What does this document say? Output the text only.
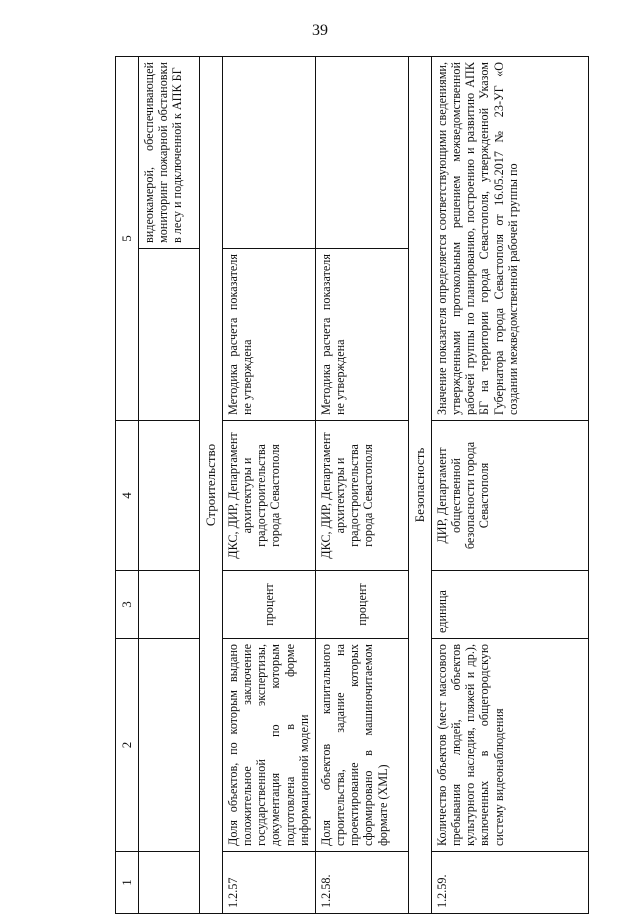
39
1	2	3	4	5	
					видеокамерой, обеспечивающей мониторинг пожарной обстановки в лесу и подключенной к АПК БГ
Строительство					
1.2.57	Доля объектов, по которым выдано положительное заключение государственной экспертизы, документация по которым подготовлена в форме информационной модели	процент	ДКС, ДИР, Департамент архитектуры и градостроительства города Севастополя	Методика расчета показателя не утверждена	
1.2.58.	Доля объектов капитального строительства, задание на проектирование которых сформировано в машиночитаемом формате (XML)	процент	ДКС, ДИР, Департамент архитектуры и градостроительства города Севастополя	Методика расчета показателя не утверждена	
Безопасность					
1.2.59.	Количество объектов (мест массового пребывания людей, объектов культурного наследия, пляжей и др.), включенных в общегородскую систему видеонаблюдения	единица	ДИР, Департамент общественной безопасности города Севастополя	Значение показателя определяется соответствующими сведениями, утвержденными протокольным решением межведомственной рабочей группы по планированию, построению и развитию АПК БГ на территории города Севастополя, утвержденной Указом Губернатора города Севастополя от 16.05.2017 № 23-УГ «О создании межведомственной рабочей группы по	
